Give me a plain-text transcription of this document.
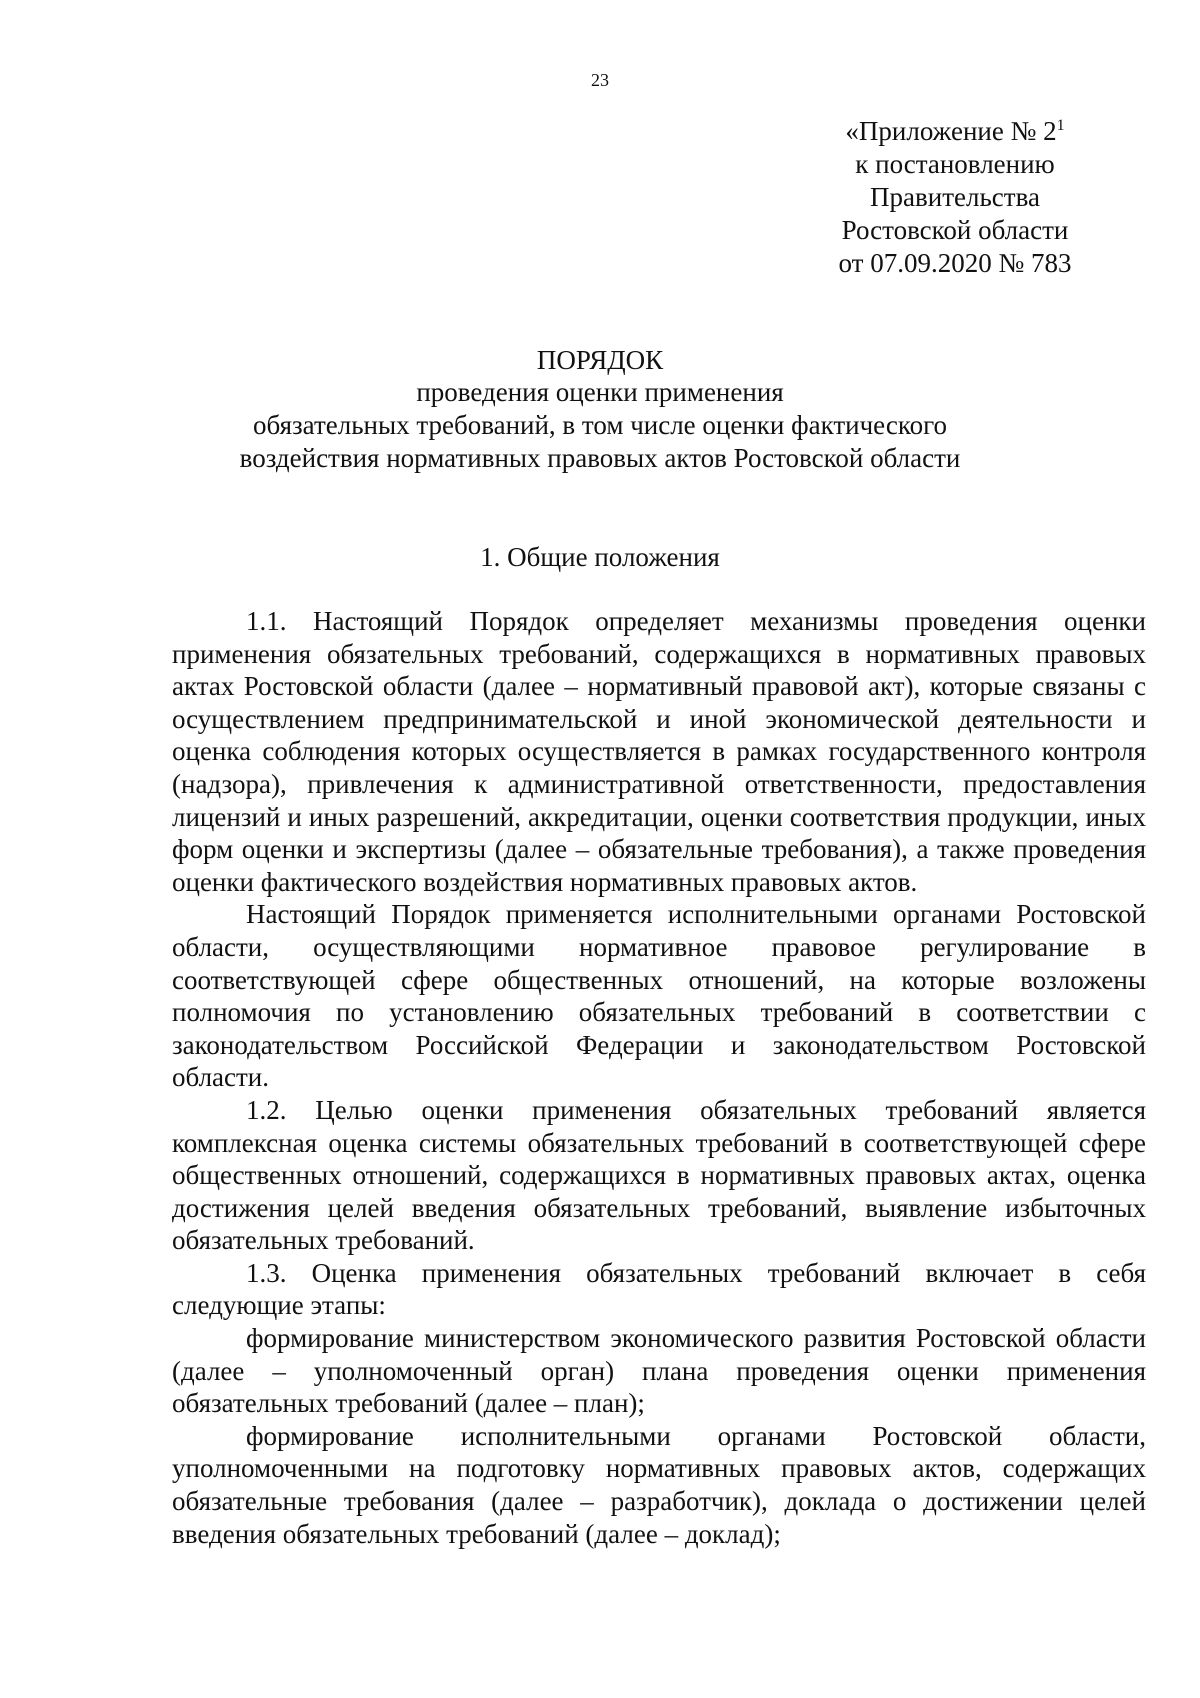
23
«Приложение № $2^1$
к постановлению
Правительства
Ростовской области
от 07.09.2020 № 783
ПОРЯДОК
проведения оценки применения
обязательных требований, в том числе оценки фактического
воздействия нормативных правовых актов Ростовской области
1. Общие положения

1.1. Настоящий Порядок определяет механизмы проведения оценки применения обязательных требований, содержащихся в нормативных правовых актах Ростовской области (далее – нормативный правовой акт), которые связаны с осуществлением предпринимательской и иной экономической деятельности и оценка соблюдения которых осуществляется в рамках государственного контроля (надзора), привлечения к административной ответственности, предоставления лицензий и иных разрешений, аккредитации, оценки соответствия продукции, иных форм оценки и экспертизы (далее – обязательные требования), а также проведения оценки фактического воздействия нормативных правовых актов.

Настоящий Порядок применяется исполнительными органами Ростовской области, осуществляющими нормативное правовое регулирование в соответствующей сфере общественных отношений, на которые возложены полномочия по установлению обязательных требований в соответствии с законодательством Российской Федерации и законодательством Ростовской области.

1.2. Целью оценки применения обязательных требований является комплексная оценка системы обязательных требований в соответствующей сфере общественных отношений, содержащихся в нормативных правовых актах, оценка достижения целей введения обязательных требований, выявление избыточных обязательных требований.

1.3. Оценка применения обязательных требований включает в себя следующие этапы:

формирование министерством экономического развития Ростовской области (далее – уполномоченный орган) плана проведения оценки применения обязательных требований (далее – план);

формирование исполнительными органами Ростовской области, уполномоченными на подготовку нормативных правовых актов, содержащих обязательные требования (далее – разработчик), доклада о достижении целей введения обязательных требований (далее – доклад);
